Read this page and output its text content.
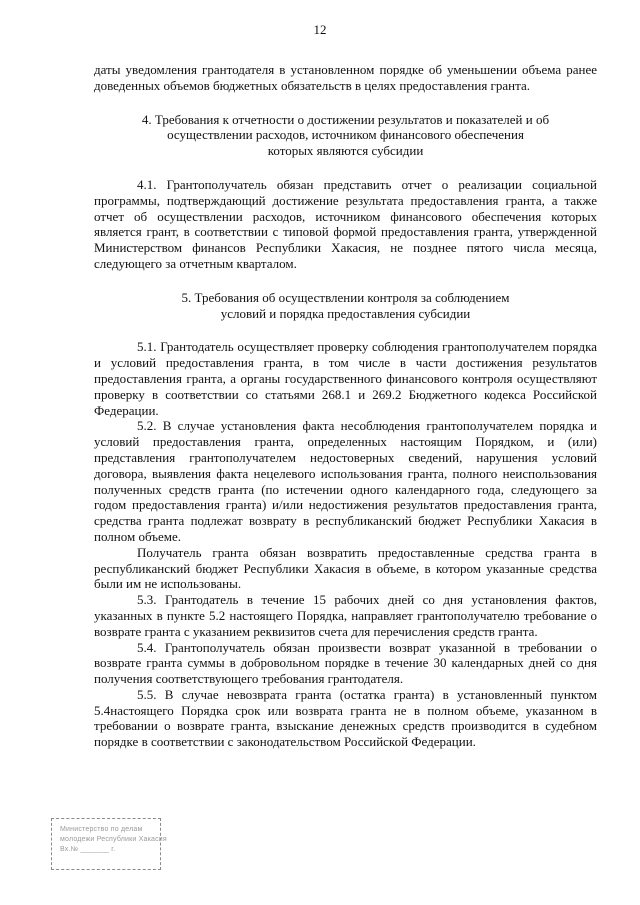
12

даты уведомления грантодателя в установленном порядке об уменьшении объема ранее доведенных объемов бюджетных обязательств в целях предоставления гранта.

4. Требования к отчетности о достижении результатов и показателей и об

осуществлении расходов, источником финансового обеспечения

которых являются субсидии

4.1. Грантополучатель обязан представить отчет о реализации социальной программы, подтверждающий достижение результата предоставления гранта, а также отчет об осуществлении расходов, источником финансового обеспечения которых является грант, в соответствии с типовой формой предоставления гранта, утвержденной Министерством финансов Республики Хакасия, не позднее пятого числа месяца, следующего за отчетным кварталом.

5. Требования об осуществлении контроля за соблюдением

условий и порядка предоставления субсидии

5.1. Грантодатель осуществляет проверку соблюдения грантополучателем порядка и условий предоставления гранта, в том числе в части достижения результатов предоставления гранта, а органы государственного финансового контроля осуществляют проверку в соответствии со статьями 268.1 и 269.2 Бюджетного кодекса Российской Федерации.

5.2. В случае установления факта несоблюдения грантополучателем порядка и условий предоставления гранта, определенных настоящим Порядком, и (или) представления грантополучателем недостоверных сведений, нарушения условий договора, выявления факта нецелевого использования гранта, полного неиспользования полученных средств гранта (по истечении одного календарного года, следующего за годом предоставления гранта) и/или недостижения результатов предоставления гранта, средства гранта подлежат возврату в республиканский бюджет Республики Хакасия в полном объеме.

Получатель гранта обязан возвратить предоставленные средства гранта в республиканский бюджет Республики Хакасия в объеме, в котором указанные средства были им не использованы.

5.3. Грантодатель в течение 15 рабочих дней со дня установления фактов, указанных в пункте 5.2 настоящего Порядка, направляет грантополучателю требование о возврате гранта с указанием реквизитов счета для перечисления средств гранта.

5.4. Грантополучатель обязан произвести возврат указанной в требовании о возврате гранта суммы в добровольном порядке в течение 30 календарных дней со дня получения соответствующего требования грантодателя.

5.5. В случае невозврата гранта (остатка гранта) в установленный пунктом 5.4настоящего Порядка срок или возврата гранта не в полном объеме, указанном в требовании о возврате гранта, взыскание денежных средств производится в судебном порядке в соответствии с законодательством Российской Федерации.

Министерство по делам
молодежи Республики Хакасия
Вх.№ _______ г.
